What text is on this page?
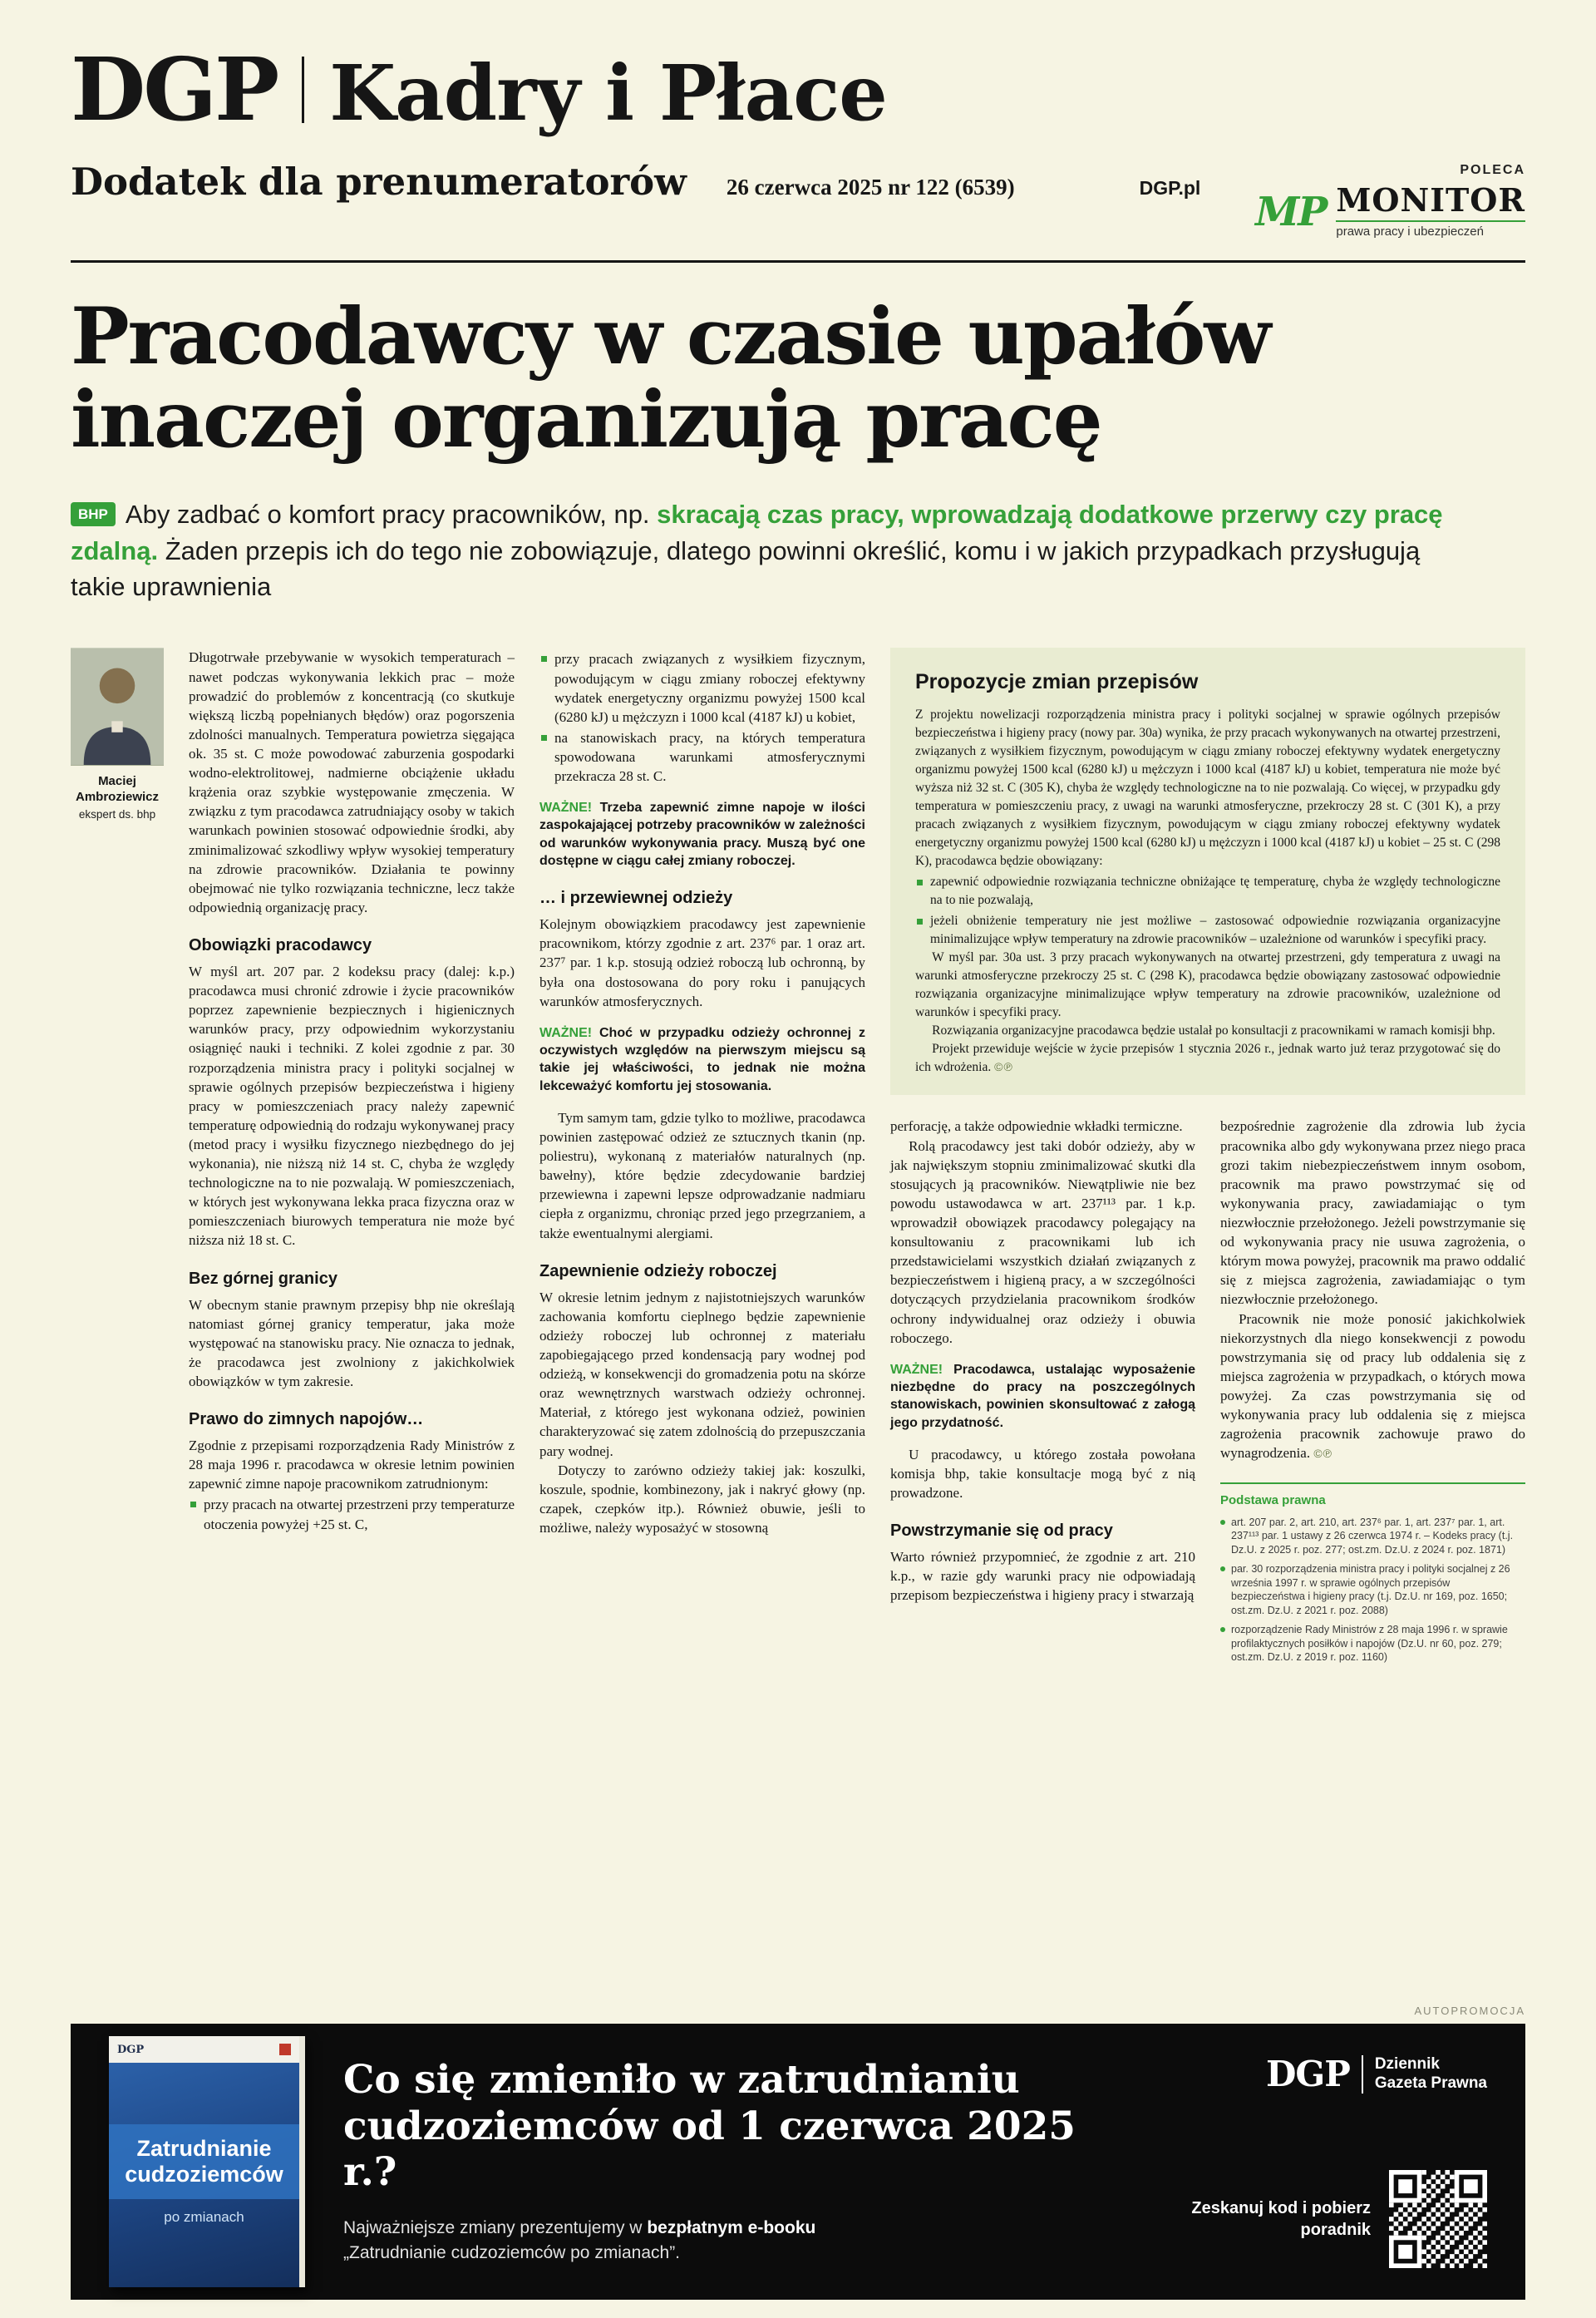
DGP Kadry i Płace
Dodatek dla prenumeratorów 26 czerwca 2025 nr 122 (6539)	DGP.pl
POLECA
MP MONITOR
prawa pracy i ubezpieczeń
Pracodawcy w czasie upałów
inaczej organizują pracę

BHP Aby zadbać o komfort pracy pracowników, np. skracają czas pracy, wprowadzają dodatkowe przerwy czy pracę zdalną. Żaden przepis ich do tego nie zobowiązuje, dlatego powinni określić, komu i w jakich przypadkach przysługują takie uprawnienia

Maciej Ambroziewicz
ekspert ds. bhp

Długotrwałe przebywanie w wysokich temperaturach – nawet podczas wykonywania lekkich prac – może prowadzić do problemów z koncentracją (co skutkuje większą liczbą popełnianych błędów) oraz pogorszenia zdolności manualnych. Temperatura powietrza sięgająca ok. 35 st. C może powodować zaburzenia gospodarki wodno-elektrolitowej, nadmierne obciążenie układu krążenia oraz szybkie występowanie zmęczenia. W związku z tym pracodawca zatrudniający osoby w takich warunkach powinien stosować odpowiednie środki, aby zminimalizować szkodliwy wpływ wysokiej temperatury na zdrowie pracowników. Działania te powinny obejmować nie tylko rozwiązania techniczne, lecz także odpowiednią organizację pracy.

Obowiązki pracodawcy

W myśl art. 207 par. 2 kodeksu pracy (dalej: k.p.) pracodawca musi chronić zdrowie i życie pracowników poprzez zapewnienie bezpiecznych i higienicznych warunków pracy, przy odpowiednim wykorzystaniu osiągnięć nauki i techniki. Z kolei zgodnie z par. 30 rozporządzenia ministra pracy i polityki socjalnej w sprawie ogólnych przepisów bezpieczeństwa i higieny pracy w pomieszczeniach pracy należy zapewnić temperaturę odpowiednią do rodzaju wykonywanej pracy (metod pracy i wysiłku fizycznego niezbędnego do jej wykonania), nie niższą niż 14 st. C, chyba że względy technologiczne na to nie pozwalają. W pomieszczeniach, w których jest wykonywana lekka praca fizyczna oraz w pomieszczeniach biurowych temperatura nie może być niższa niż 18 st. C.

Bez górnej granicy

W obecnym stanie prawnym przepisy bhp nie określają natomiast górnej granicy temperatur, jaka może występować na stanowisku pracy. Nie oznacza to jednak, że pracodawca jest zwolniony z jakichkolwiek obowiązków w tym zakresie.

Prawo do zimnych napojów…

Zgodnie z przepisami rozporządzenia Rady Ministrów z 28 maja 1996 r. pracodawca w okresie letnim powinien zapewnić zimne napoje pracownikom zatrudnionym:

przy pracach na otwartej przestrzeni przy temperaturze otoczenia powyżej +25 st. C,

przy pracach związanych z wysiłkiem fizycznym, powodującym w ciągu zmiany roboczej efektywny wydatek energetyczny organizmu powyżej 1500 kcal (6280 kJ) u mężczyzn i 1000 kcal (4187 kJ) u kobiet,

na stanowiskach pracy, na których temperatura spowodowana warunkami atmosferycznymi przekracza 28 st. C.

WAŻNE! Trzeba zapewnić zimne napoje w ilości zaspokajającej potrzeby pracowników w zależności od warunków wykonywania pracy. Muszą być one dostępne w ciągu całej zmiany roboczej.

… i przewiewnej odzieży

Kolejnym obowiązkiem pracodawcy jest zapewnienie pracownikom, którzy zgodnie z art. 237⁶ par. 1 oraz art. 237⁷ par. 1 k.p. stosują odzież roboczą lub ochronną, by była ona dostosowana do pory roku i panujących warunków atmosferycznych.

WAŻNE! Choć w przypadku odzieży ochronnej z oczywistych względów na pierwszym miejscu są takie jej właściwości, to jednak nie można lekceważyć komfortu jej stosowania.

Tym samym tam, gdzie tylko to możliwe, pracodawca powinien zastępować odzież ze sztucznych tkanin (np. poliestru), wykonaną z materiałów naturalnych (np. bawełny), które będzie zdecydowanie bardziej przewiewna i zapewni lepsze odprowadzanie nadmiaru ciepła z organizmu, chroniąc przed jego przegrzaniem, a także ewentualnymi alergiami.

Zapewnienie odzieży roboczej

W okresie letnim jednym z najistotniejszych warunków zachowania komfortu cieplnego będzie zapewnienie odzieży roboczej lub ochronnej z materiału zapobiegającego przed kondensacją pary wodnej pod odzieżą, w konsekwencji do gromadzenia potu na skórze oraz wewnętrznych warstwach odzieży ochronnej. Materiał, z którego jest wykonana odzież, powinien charakteryzować się zatem zdolnością do przepuszczania pary wodnej.

Dotyczy to zarówno odzieży takiej jak: koszulki, koszule, spodnie, kombinezony, jak i nakryć głowy (np. czapek, czepków itp.). Również obuwie, jeśli to możliwe, należy wyposażyć w stosowną

Propozycje zmian przepisów

Z projektu nowelizacji rozporządzenia ministra pracy i polityki socjalnej w sprawie ogólnych przepisów bezpieczeństwa i higieny pracy (nowy par. 30a) wynika, że przy pracach wykonywanych na otwartej przestrzeni, związanych z wysiłkiem fizycznym, powodującym w ciągu zmiany roboczej efektywny wydatek energetyczny organizmu powyżej 1500 kcal (6280 kJ) u mężczyzn i 1000 kcal (4187 kJ) u kobiet, temperatura nie może być wyższa niż 32 st. C (305 K), chyba że względy technologiczne na to nie pozwalają. Co więcej, w przypadku gdy temperatura w pomieszczeniu pracy, z uwagi na warunki atmosferyczne, przekroczy 28 st. C (301 K), a przy pracach związanych z wysiłkiem fizycznym, powodującym w ciągu zmiany roboczej efektywny wydatek energetyczny organizmu powyżej 1500 kcal (6280 kJ) u mężczyzn i 1000 kcal (4187 kJ) u kobiet – 25 st. C (298 K), pracodawca będzie obowiązany:

zapewnić odpowiednie rozwiązania techniczne obniżające tę temperaturę, chyba że względy technologiczne na to nie pozwalają,

jeżeli obniżenie temperatury nie jest możliwe – zastosować odpowiednie rozwiązania organizacyjne minimalizujące wpływ temperatury na zdrowie pracowników – uzależnione od warunków i specyfiki pracy.

W myśl par. 30a ust. 3 przy pracach wykonywanych na otwartej przestrzeni, gdy temperatura z uwagi na warunki atmosferyczne przekroczy 25 st. C (298 K), pracodawca będzie obowiązany zastosować odpowiednie rozwiązania organizacyjne minimalizujące wpływ temperatury na zdrowie pracowników, uzależnione od warunków i specyfiki pracy.

Rozwiązania organizacyjne pracodawca będzie ustalał po konsultacji z pracownikami w ramach komisji bhp.

Projekt przewiduje wejście w życie przepisów 1 stycznia 2026 r., jednak warto już teraz przygotować się do ich wdrożenia. ©℗

perforację, a także odpowiednie wkładki termiczne.

Rolą pracodawcy jest taki dobór odzieży, aby w jak największym stopniu zminimalizować skutki dla stosujących ją pracowników. Niewątpliwie nie bez powodu ustawodawca w art. 237¹¹³ par. 1 k.p. wprowadził obowiązek pracodawcy polegający na konsultowaniu z pracownikami lub ich przedstawicielami wszystkich działań związanych z bezpieczeństwem i higieną pracy, a w szczególności dotyczących przydzielania pracownikom środków ochrony indywidualnej oraz odzieży i obuwia roboczego.

WAŻNE! Pracodawca, ustalając wyposażenie niezbędne do pracy na poszczególnych stanowiskach, powinien skonsultować z załogą jego przydatność.

U pracodawcy, u którego została powołana komisja bhp, takie konsultacje mogą być z nią prowadzone.

Powstrzymanie się od pracy

Warto również przypomnieć, że zgodnie z art. 210 k.p., w razie gdy warunki pracy nie odpowiadają przepisom bezpieczeństwa i higieny pracy i stwarzają

bezpośrednie zagrożenie dla zdrowia lub życia pracownika albo gdy wykonywana przez niego praca grozi takim niebezpieczeństwem innym osobom, pracownik ma prawo powstrzymać się od wykonywania pracy, zawiadamiając o tym niezwłocznie przełożonego. Jeżeli powstrzymanie się od wykonywania pracy nie usuwa zagrożenia, o którym mowa powyżej, pracownik ma prawo oddalić się z miejsca zagrożenia, zawiadamiając o tym niezwłocznie przełożonego.

Pracownik nie może ponosić jakichkolwiek niekorzystnych dla niego konsekwencji z powodu powstrzymania się od pracy lub oddalenia się z miejsca zagrożenia w przypadkach, o których mowa powyżej. Za czas powstrzymania się od wykonywania pracy lub oddalenia się z miejsca zagrożenia pracownik zachowuje prawo do wynagrodzenia. ©℗

Podstawa prawna
art. 207 par. 2, art. 210, art. 237⁶ par. 1, art. 237⁷ par. 1, art. 237¹¹³ par. 1 ustawy z 26 czerwca 1974 r. – Kodeks pracy (t.j. Dz.U. z 2025 r. poz. 277; ost.zm. Dz.U. z 2024 r. poz. 1871)
par. 30 rozporządzenia ministra pracy i polityki socjalnej z 26 września 1997 r. w sprawie ogólnych przepisów bezpieczeństwa i higieny pracy (t.j. Dz.U. nr 169, poz. 1650; ost.zm. Dz.U. z 2021 r. poz. 2088)
rozporządzenie Rady Ministrów z 28 maja 1996 r. w sprawie profilaktycznych posiłków i napojów (Dz.U. nr 60, poz. 279; ost.zm. Dz.U. z 2019 r. poz. 1160)
AUTOPROMOCJA
DGP
Zatrudnianie
cudzoziemców
po zmianach
Co się zmieniło w zatrudnianiu
cudzoziemców od 1 czerwca 2025 r.?
Najważniejsze zmiany prezentujemy w bezpłatnym e-booku
„Zatrudnianie cudzoziemców po zmianach”.
DGP Dziennik
Gazeta Prawna
Zeskanuj kod i pobierz poradnik
